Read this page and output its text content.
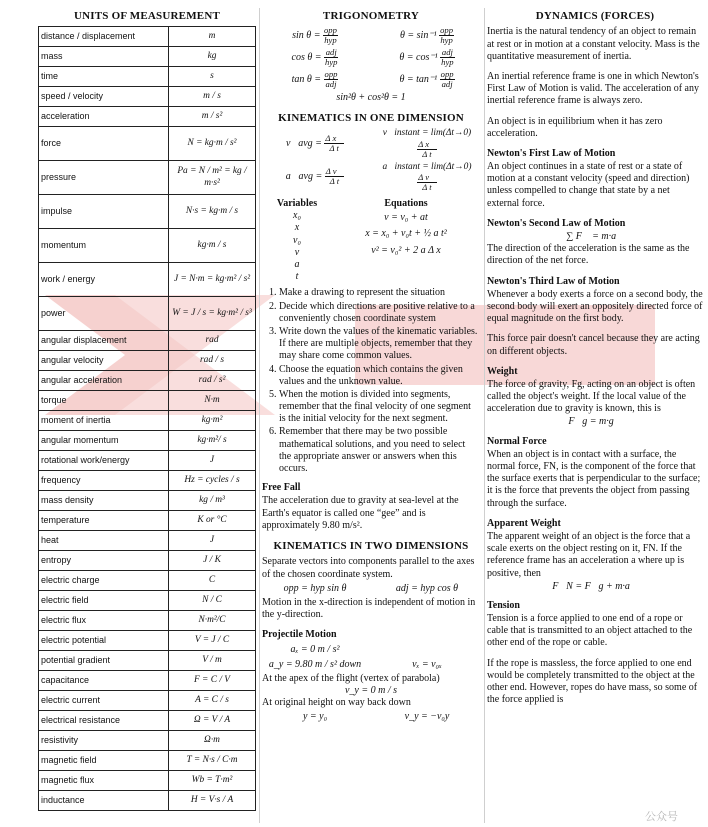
UNITS OF MEASUREMENT
distance / displacement	m
mass	kg
time	s
speed / velocity	m / s
acceleration	m / s²
force	N = kg·m / s²
pressure	Pa = N / m² = kg / m·s²
impulse	N·s = kg·m / s
momentum	kg·m / s
work / energy	J = N·m = kg·m² / s²
power	W = J / s = kg·m² / s³
angular displacement	rad
angular velocity	rad / s
angular acceleration	rad / s²
torque	N·m
moment of inertia	kg·m²
angular momentum	kg·m²/ s
rotational work/energy	J
frequency	Hz = cycles / s
mass density	kg / m³
temperature	K or °C
heat	J
entropy	J / K
electric charge	C
electric field	N / C
electric flux	N·m²/C
electric potential	V = J / C
potential gradient	V / m
capacitance	F = C / V
electric current	A = C / s
electrical resistance	Ω = V / A
resistivity	Ω·m
magnetic field	T = N·s / C·m
magnetic flux	Wb = T·m²
inductance	H = V·s / A
TRIGONOMETRY
$\sin \theta = \frac{\text{opp}}{\text{hyp}}$	$\theta = \sin^{-1} \frac{\text{opp}}{\text{hyp}}$
$\cos \theta = \frac{\text{adj}}{\text{hyp}}$	$\theta = \cos^{-1} \frac{\text{adj}}{\text{hyp}}$
$\tan \theta = \frac{\text{opp}}{\text{adj}}$	$\theta = \tan^{-1} \frac{\text{opp}}{\text{adj}}$
sin²θ + cos²θ = 1
KINEMATICS IN ONE DIMENSION
v⃗avg = $\frac{\text{Δ x⃗}}{\text{Δ t}}$
v⃗instant = lim(Δt→0)
$\frac{\text{Δ x⃗}}{\text{Δ t}}$
a⃗avg = $\frac{\text{Δ v⃗}}{\text{Δ t}}$
a⃗instant = lim(Δt→0)
$\frac{\text{Δ v⃗}}{\text{Δ t}}$
Variables
x₀
x
v₀
v
a
t
Equations
v = v₀ + at
x = x₀ + v₀t + ½ a t²
v² = v₀² + 2 a Δ x
1. Make a drawing to represent the situation
2. Decide which directions are positive relative to a conveniently chosen coordinate system
3. Write down the values of the kinematic variables. If there are multiple objects, remember that they may share come common values.
4. Choose the equation which contains the given values and the unknown value.
5. When the motion is divided into segments, remember that the final velocity of one segment is the initial velocity for the next segment.
6. Remember that there may be two possible mathematical solutions, and you need to select the appropriate answer or answers when this occurs.
Free Fall

The acceleration due to gravity at sea-level at the Earth's equator is called one “gee” and is approximately 9.80 m/s².

KINEMATICS IN TWO DIMENSIONS

Separate vectors into components parallel to the axes of the chosen coordinate system.

opp = hyp sin θ	adj = hyp cos θ

Motion in the x-direction is independent of motion in the y-direction.

Projectile Motion
aₓ = 0 m / s²
a_y = 9.80 m / s² down	vₓ = v₀ₓ
At the apex of the flight (vertex of parabola)
v_y = 0 m / s
At original height on way back down
y = y₀	v_y = −v₀y
DYNAMICS (FORCES)

Inertia is the natural tendency of an object to remain at rest or in motion at a constant velocity. Mass is the quantitative measurement of inertia.

An inertial reference frame is one in which Newton's First Law of Motion is valid. The acceleration of any inertial reference frame is always zero.

An object is in equilibrium when it has zero acceleration.

Newton's First Law of Motion

An object continues in a state of rest or a state of motion at a constant velocity (speed and direction) unless compelled to change that state by a net external force.

Newton's Second Law of Motion
∑ F⃗ = m·a⃗

The direction of the acceleration is the same as the direction of the net force.

Newton's Third Law of Motion

Whenever a body exerts a force on a second body, the second body will exert an oppositely directed force of equal magnitude on the first body.

This force pair doesn't cancel because they are acting on different objects.

Weight

The force of gravity, Fg, acting on an object is often called the object's weight. If the local value of the acceleration due to gravity is known, this is

F⃗g = m·g⃗
Normal Force

When an object is in contact with a surface, the normal force, FN, is the component of the force that the surface exerts that is perpendicular to the surface; it is the force that prevents the object from passing through the surface.

Apparent Weight

The apparent weight of an object is the force that a scale exerts on the object resting on it, FN. If the reference frame has an acceleration a where up is positive, then

F⃗N = F⃗g + m·a⃗
Tension

Tension is a force applied to one end of a rope or cable that is transmitted to an object attached to the other end of the rope or cable.

If the rope is massless, the force applied to one end would be completely transmitted to the object at the other end. However, ropes do have mass, so some of the force applied is

公众号
